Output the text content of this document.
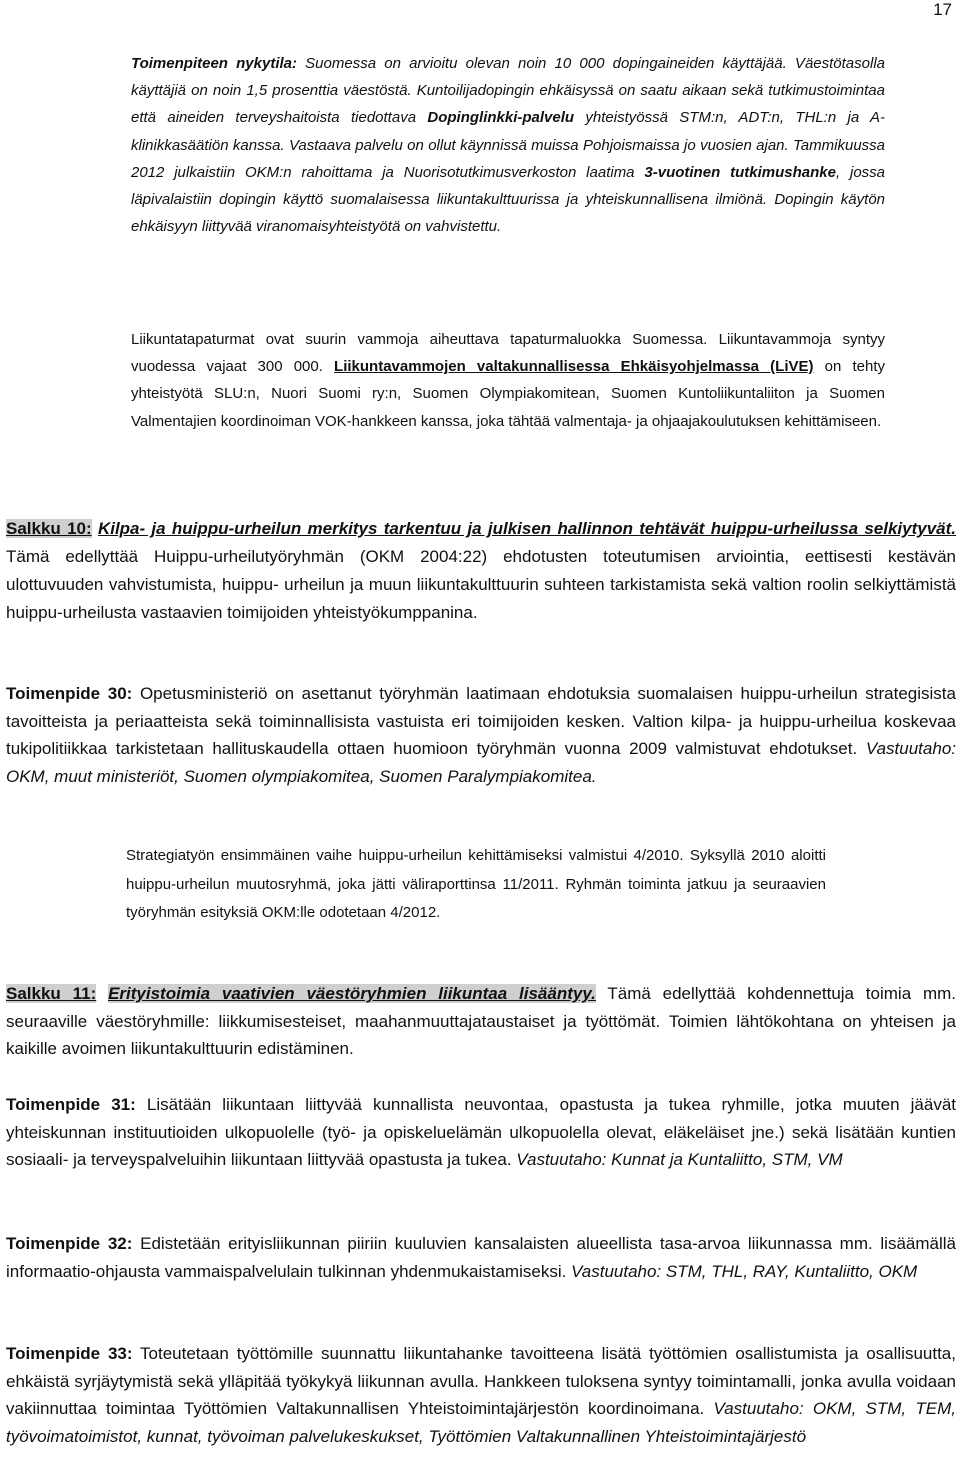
17

Toimenpiteen nykytila: Suomessa on arvioitu olevan noin 10 000 dopingaineiden käyttäjää. Väestötasolla käyttäjiä on noin 1,5 prosenttia väestöstä. Kuntoilijadopingin ehkäisyssä on saatu aikaan sekä tutkimustoimintaa että aineiden terveyshaitoista tiedottava Dopinglinkki-palvelu yhteistyössä STM:n, ADT:n, THL:n ja A-klinikkasäätiön kanssa. Vastaava palvelu on ollut käynnissä muissa Pohjoismaissa jo vuosien ajan. Tammikuussa 2012 julkaistiin OKM:n rahoittama ja Nuorisotutkimusverkoston laatima 3-vuotinen tutkimushanke, jossa läpivalaistiin dopingin käyttö suomalaisessa liikuntakulttuurissa ja yhteiskunnallisena ilmiönä. Dopingin käytön ehkäisyyn liittyvää viranomaisyhteistyötä on vahvistettu.

Liikuntatapaturmat ovat suurin vammoja aiheuttava tapaturmaluokka Suomessa. Liikuntavammoja syntyy vuodessa vajaat 300 000. Liikuntavammojen valtakunnallisessa Ehkäisyohjelmassa (LiVE) on tehty yhteistyötä SLU:n, Nuori Suomi ry:n, Suomen Olympiakomitean, Suomen Kuntoliikuntaliiton ja Suomen Valmentajien koordinoiman VOK-hankkeen kanssa, joka tähtää valmentaja- ja ohjaajakoulutuksen kehittämiseen.

Salkku 10: Kilpa- ja huippu-urheilun merkitys tarkentuu ja julkisen hallinnon tehtävät huippu-urheilussa selkiytyvät. Tämä edellyttää Huippu-urheilutyöryhmän (OKM 2004:22) ehdotusten toteutumisen arviointia, eettisesti kestävän ulottuvuuden vahvistumista, huippu- urheilun ja muun liikuntakulttuurin suhteen tarkistamista sekä valtion roolin selkiyttämistä huippu-urheilusta vastaavien toimijoiden yhteistyökumppanina.

Toimenpide 30: Opetusministeriö on asettanut työryhmän laatimaan ehdotuksia suomalaisen huippu-urheilun strategisista tavoitteista ja periaatteista sekä toiminnallisista vastuista eri toimijoiden kesken. Valtion kilpa- ja huippu-urheilua koskevaa tukipolitiikkaa tarkistetaan hallituskaudella ottaen huomioon työryhmän vuonna 2009 valmistuvat ehdotukset. Vastuutaho: OKM, muut ministeriöt, Suomen olympiakomitea, Suomen Paralympiakomitea.

Strategiatyön ensimmäinen vaihe huippu-urheilun kehittämiseksi valmistui 4/2010. Syksyllä 2010 aloitti huippu-urheilun muutosryhmä, joka jätti väliraporttinsa 11/2011. Ryhmän toiminta jatkuu ja seuraavien työryhmän esityksiä OKM:lle odotetaan 4/2012.

Salkku 11: Erityistoimia vaativien väestöryhmien liikuntaa lisääntyy. Tämä edellyttää kohdennettuja toimia mm. seuraaville väestöryhmille: liikkumisesteiset, maahanmuuttajataustaiset ja työttömät. Toimien lähtökohtana on yhteisen ja kaikille avoimen liikuntakulttuurin edistäminen.

Toimenpide 31: Lisätään liikuntaan liittyvää kunnallista neuvontaa, opastusta ja tukea ryhmille, jotka muuten jäävät yhteiskunnan instituutioiden ulkopuolelle (työ- ja opiskeluelämän ulkopuolella olevat, eläkeläiset jne.) sekä lisätään kuntien sosiaali- ja terveyspalveluihin liikuntaan liittyvää opastusta ja tukea. Vastuutaho: Kunnat ja Kuntaliitto, STM, VM

Toimenpide 32: Edistetään erityisliikunnan piiriin kuuluvien kansalaisten alueellista tasa-arvoa liikunnassa mm. lisäämällä informaatio-ohjausta vammaispalvelulain tulkinnan yhdenmukaistamiseksi. Vastuutaho: STM, THL, RAY, Kuntaliitto, OKM

Toimenpide 33: Toteutetaan työttömille suunnattu liikuntahanke tavoitteena lisätä työttömien osallistumista ja osallisuutta, ehkäistä syrjäytymistä sekä ylläpitää työkykyä liikunnan avulla. Hankkeen tuloksena syntyy toimintamalli, jonka avulla voidaan vakiinnuttaa toimintaa Työttömien Valtakunnallisen Yhteistoimintajärjestön koordinoimana. Vastuutaho: OKM, STM, TEM, työvoimatoimistot, kunnat, työvoiman palvelukeskukset, Työttömien Valtakunnallinen Yhteistoimintajärjestö
